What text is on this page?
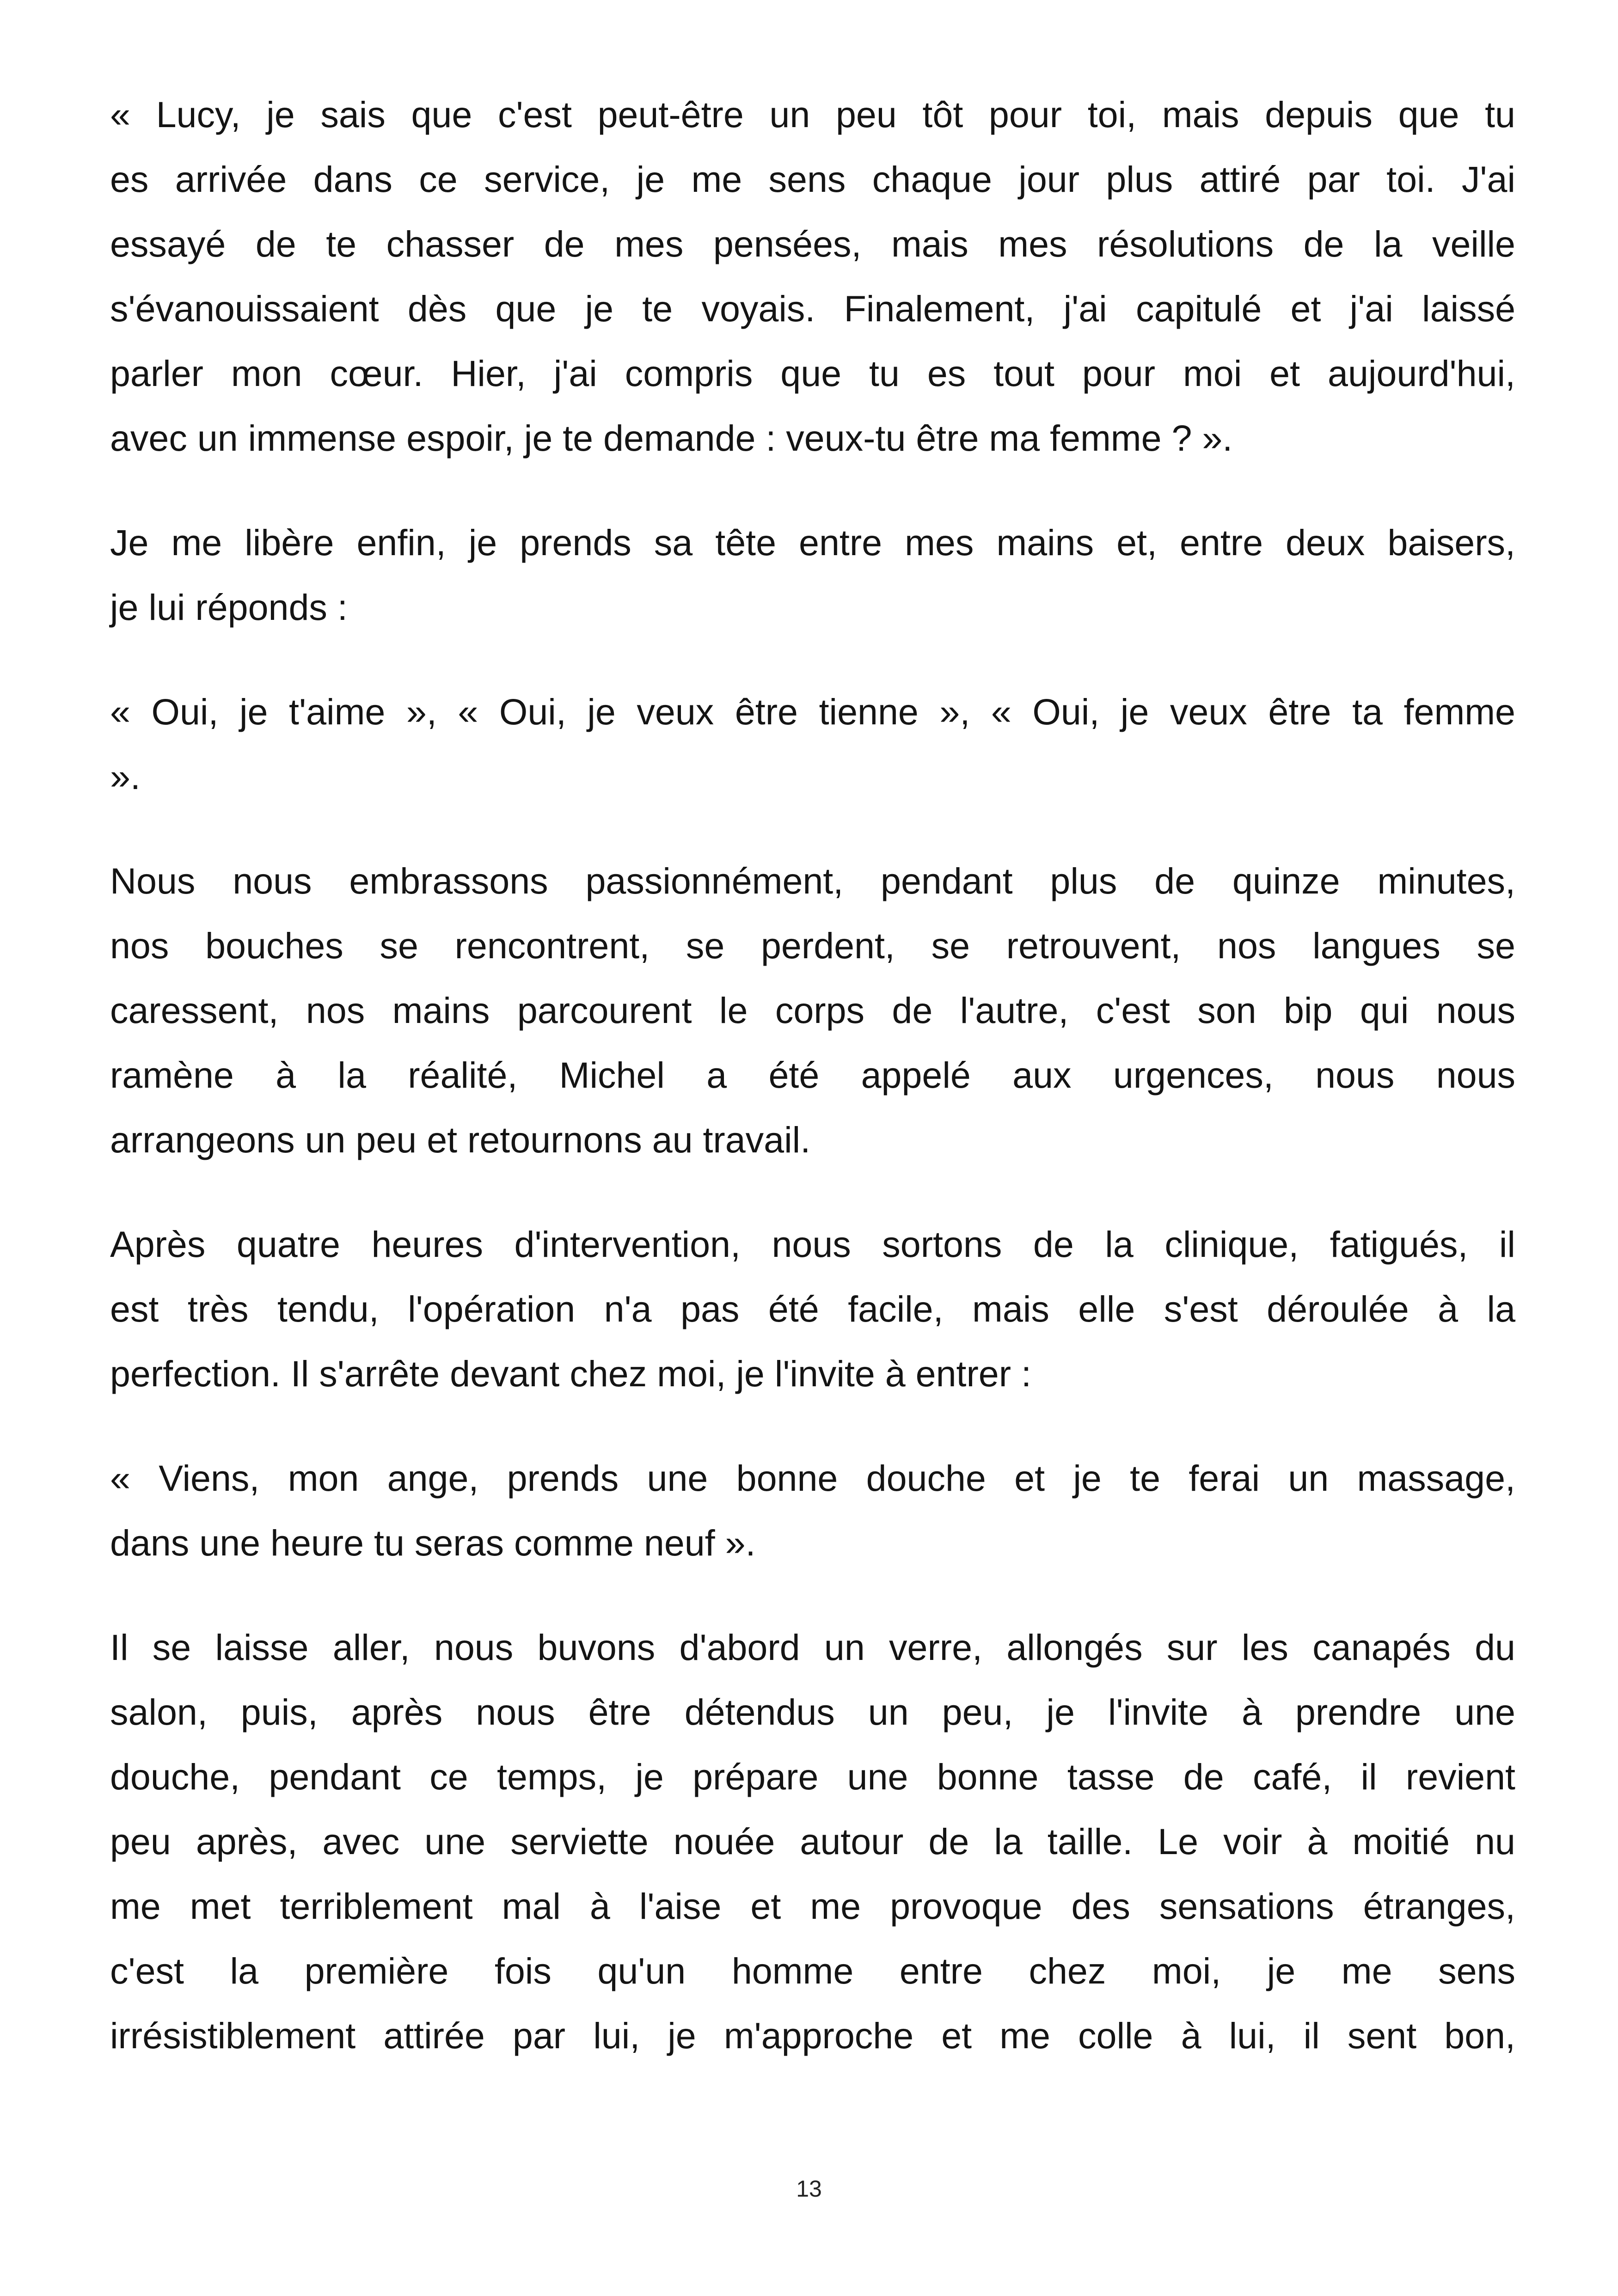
« Lucy, je sais que c'est peut-être un peu tôt pour toi, mais depuis que tu
es arrivée dans ce service, je me sens chaque jour plus attiré par toi. J'ai
essayé de te chasser de mes pensées, mais mes résolutions de la veille
s'évanouissaient dès que je te voyais. Finalement, j'ai capitulé et j'ai laissé
parler mon cœur. Hier, j'ai compris que tu es tout pour moi et aujourd'hui,
avec un immense espoir, je te demande : veux-tu être ma femme ? ».

Je me libère enfin, je prends sa tête entre mes mains et, entre deux baisers,
je lui réponds :

« Oui, je t'aime », « Oui, je veux être tienne », « Oui, je veux être ta femme
».

Nous nous embrassons passionnément, pendant plus de quinze minutes,
nos bouches se rencontrent, se perdent, se retrouvent, nos langues se
caressent, nos mains parcourent le corps de l'autre, c'est son bip qui nous
ramène à la réalité, Michel a été appelé aux urgences, nous nous
arrangeons un peu et retournons au travail.

Après quatre heures d'intervention, nous sortons de la clinique, fatigués, il
est très tendu, l'opération n'a pas été facile, mais elle s'est déroulée à la
perfection. Il s'arrête devant chez moi, je l'invite à entrer :

« Viens, mon ange, prends une bonne douche et je te ferai un massage,
dans une heure tu seras comme neuf ».

Il se laisse aller, nous buvons d'abord un verre, allongés sur les canapés du
salon, puis, après nous être détendus un peu, je l'invite à prendre une
douche, pendant ce temps, je prépare une bonne tasse de café, il revient
peu après, avec une serviette nouée autour de la taille. Le voir à moitié nu
me met terriblement mal à l'aise et me provoque des sensations étranges,
c'est la première fois qu'un homme entre chez moi, je me sens
irrésistiblement attirée par lui, je m'approche et me colle à lui, il sent bon,

13
